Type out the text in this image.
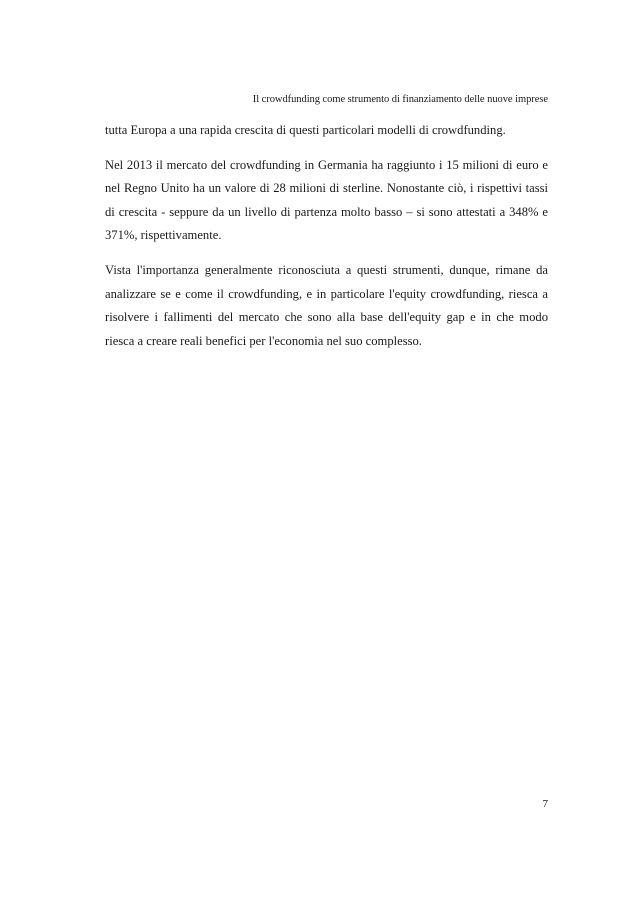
Il crowdfunding come strumento di finanziamento delle nuove imprese

tutta Europa a una rapida crescita di questi particolari modelli di crowdfunding.

Nel 2013 il mercato del crowdfunding in Germania ha raggiunto i 15 milioni di euro e nel Regno Unito ha un valore di 28 milioni di sterline. Nonostante ciò, i rispettivi tassi di crescita - seppure da un livello di partenza molto basso – si sono attestati a 348% e 371%, rispettivamente.

Vista l'importanza generalmente riconosciuta a questi strumenti, dunque, rimane da analizzare se e come il crowdfunding, e in particolare l'equity crowdfunding, riesca a risolvere i fallimenti del mercato che sono alla base dell'equity gap e in che modo riesca a creare reali benefici per l'economia nel suo complesso.

7
